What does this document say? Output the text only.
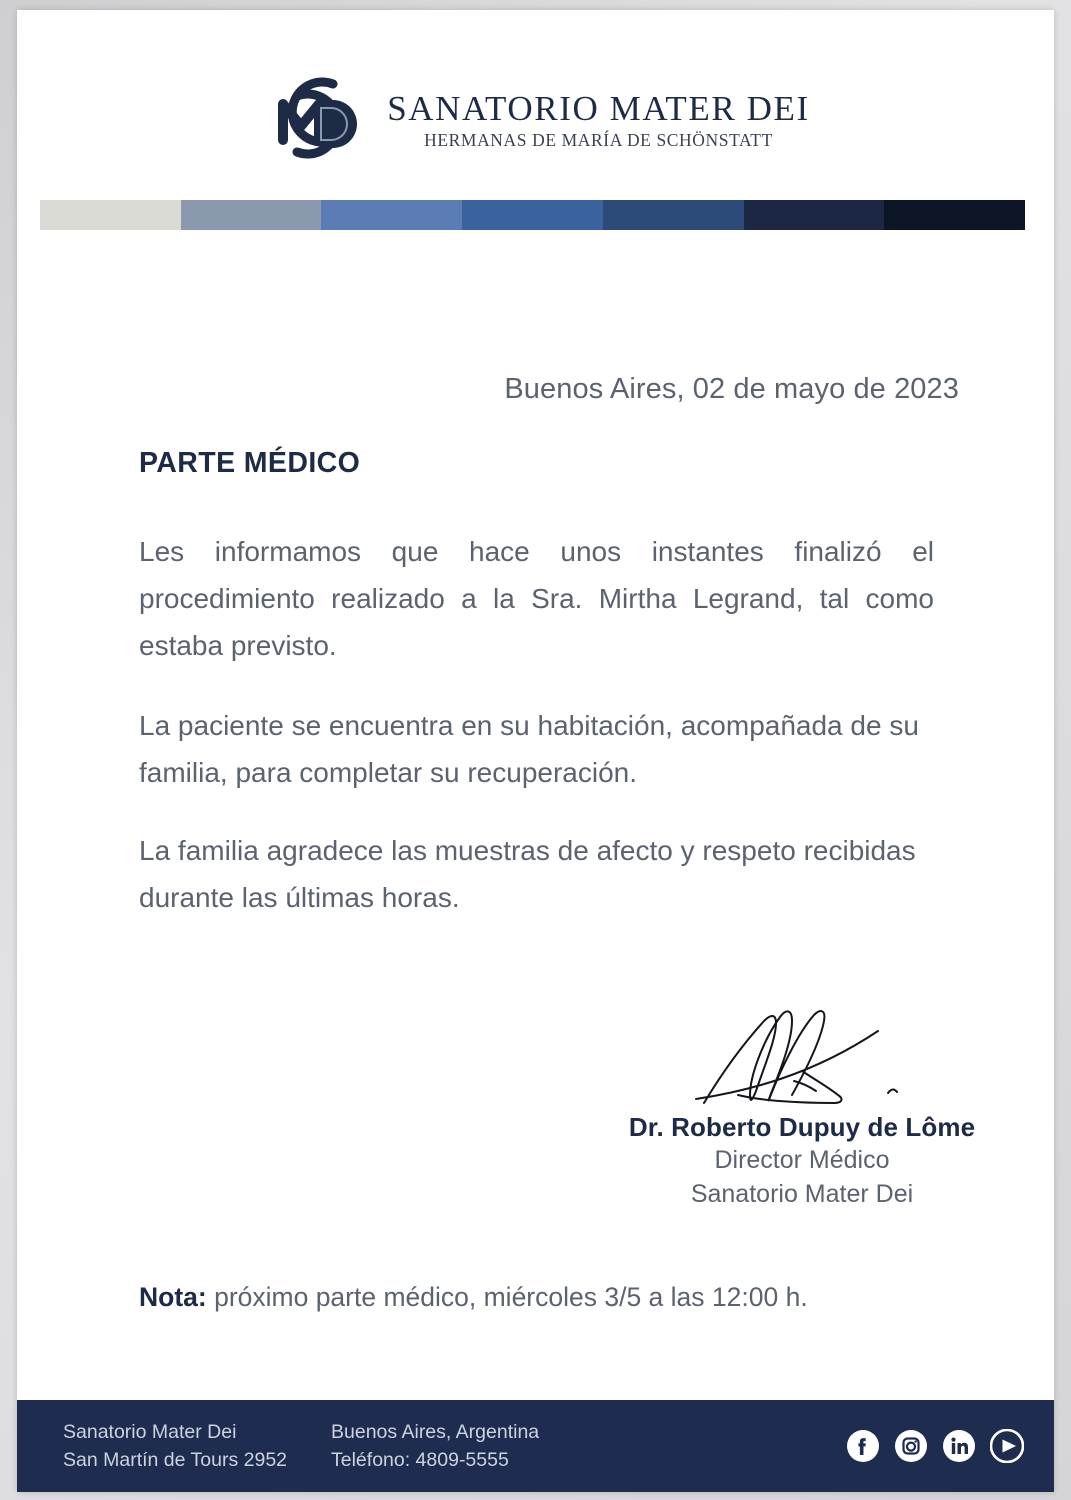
SANATORIO MATER DEI
HERMANAS DE MARÍA DE SCHÖNSTATT
Buenos Aires, 02 de mayo de 2023
PARTE MÉDICO
Les informamos que hace unos instantes finalizó el procedimiento realizado a la Sra. Mirtha Legrand, tal como estaba previsto.
La paciente se encuentra en su habitación, acompañada de su familia, para completar su recuperación.
La familia agradece las muestras de afecto y respeto recibidas durante las últimas horas.
Dr. Roberto Dupuy de Lôme
Director Médico
Sanatorio Mater Dei
Nota: próximo parte médico, miércoles 3/5 a las 12:00 h.
Sanatorio Mater Dei
San Martín de Tours 2952
Buenos Aires, Argentina
Teléfono: 4809-5555
